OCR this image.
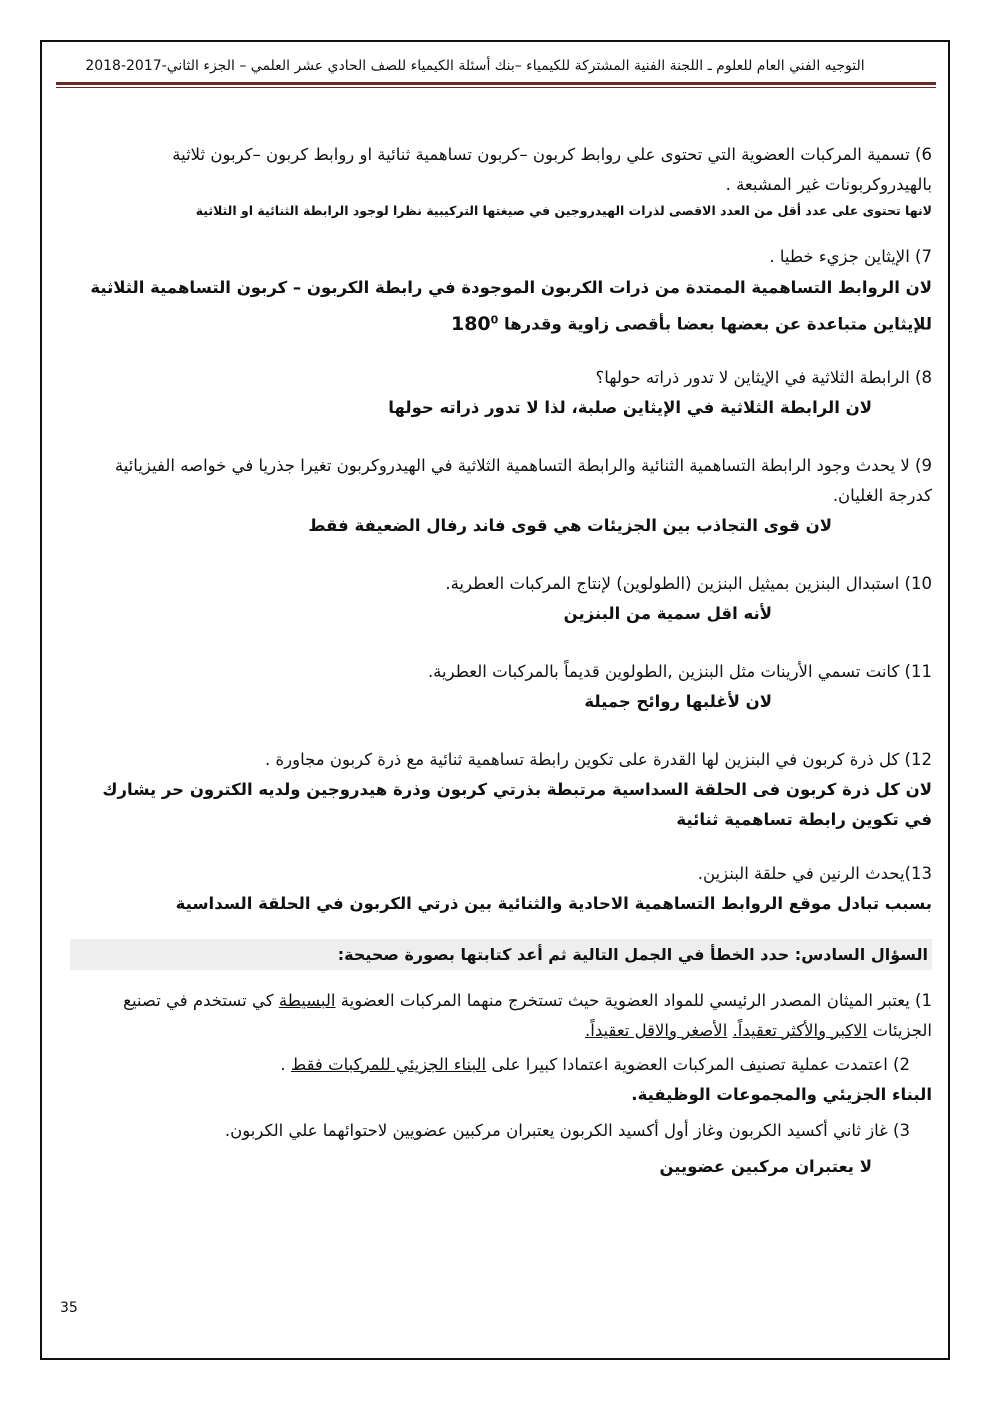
التوجيه الفني العام للعلوم ـ اللجنة الفنية المشتركة للكيمياء –بنك أسئلة الكيمياء للصف الحادي عشر العلمي – الجزء الثاني-2017-2018

6) تسمية المركبات العضوية التي تحتوى علي روابط كربون –كربون تساهمية ثنائية او روابط كربون –كربون ثلاثية بالهيدروكربونات غير المشبعة .

لانها تحتوى على عدد أقل من العدد الاقصى لذرات الهيدروجين في صيغتها التركيبية نظرا لوجود الرابطة الثنائية او الثلاثية

7) الإيثاين جزيء خطيا .

لان الروابط التساهمية الممتدة من ذرات الكربون الموجودة في رابطة الكربون – كربون التساهمية الثلاثية للإيثاين متباعدة عن بعضها بعضا بأقصى زاوية وقدرها $180^0$

8) الرابطة الثلاثية في الإيثاين لا تدور ذراته حولها؟

لان الرابطة الثلاثية في الإيثاين صلبة، لذا لا تدور ذراته حولها

9) لا يحدث وجود الرابطة التساهمية الثنائية والرابطة التساهمية الثلاثية في الهيدروكربون تغيرا جذريا في خواصه الفيزيائية كدرجة الغليان.

لان قوى التجاذب بين الجزيئات هي قوى فاند رفال الضعيفة فقط

10) استبدال البنزين بميثيل البنزين (الطولوين) لإنتاج المركبات العطرية.

لأنه اقل سمية من البنزين

11) كانت تسمي الأرينات مثل البنزين ,الطولوين قديماً بالمركبات العطرية.

لان لأغلبها روائح جميلة

12) كل ذرة كربون في البنزين لها القدرة على تكوين رابطة تساهمية ثنائية مع ذرة كربون مجاورة .

لان كل ذرة كربون فى الحلقة السداسية مرتبطة بذرتي كربون وذرة هيدروجين ولديه الكترون حر يشارك في تكوين رابطة تساهمية ثنائية

13)يحدث الرنين في حلقة البنزين.

بسبب تبادل موقع الروابط التساهمية الاحادية والثنائية بين ذرتي الكربون في الحلقة السداسية

السؤال السادس: حدد الخطأ في الجمل التالية ثم أعد كتابتها بصورة صحيحة:

1) يعتبر الميثان المصدر الرئيسي للمواد العضوية حيث تستخرج منهما المركبات العضوية البسيطة كي تستخدم في تصنيع الجزيئات الاكبر والأكثر تعقيداً. الأصغر والاقل تعقيداً.

2) اعتمدت عملية تصنيف المركبات العضوية اعتمادا كبيرا على البناء الجزيئي للمركبات فقط .

البناء الجزيئي والمجموعات الوظيفية.

3) غاز ثاني أكسيد الكربون وغاز أول أكسيد الكربون يعتبران مركبين عضويين لاحتوائهما علي الكربون.

لا يعتبران مركبين عضويين

35
